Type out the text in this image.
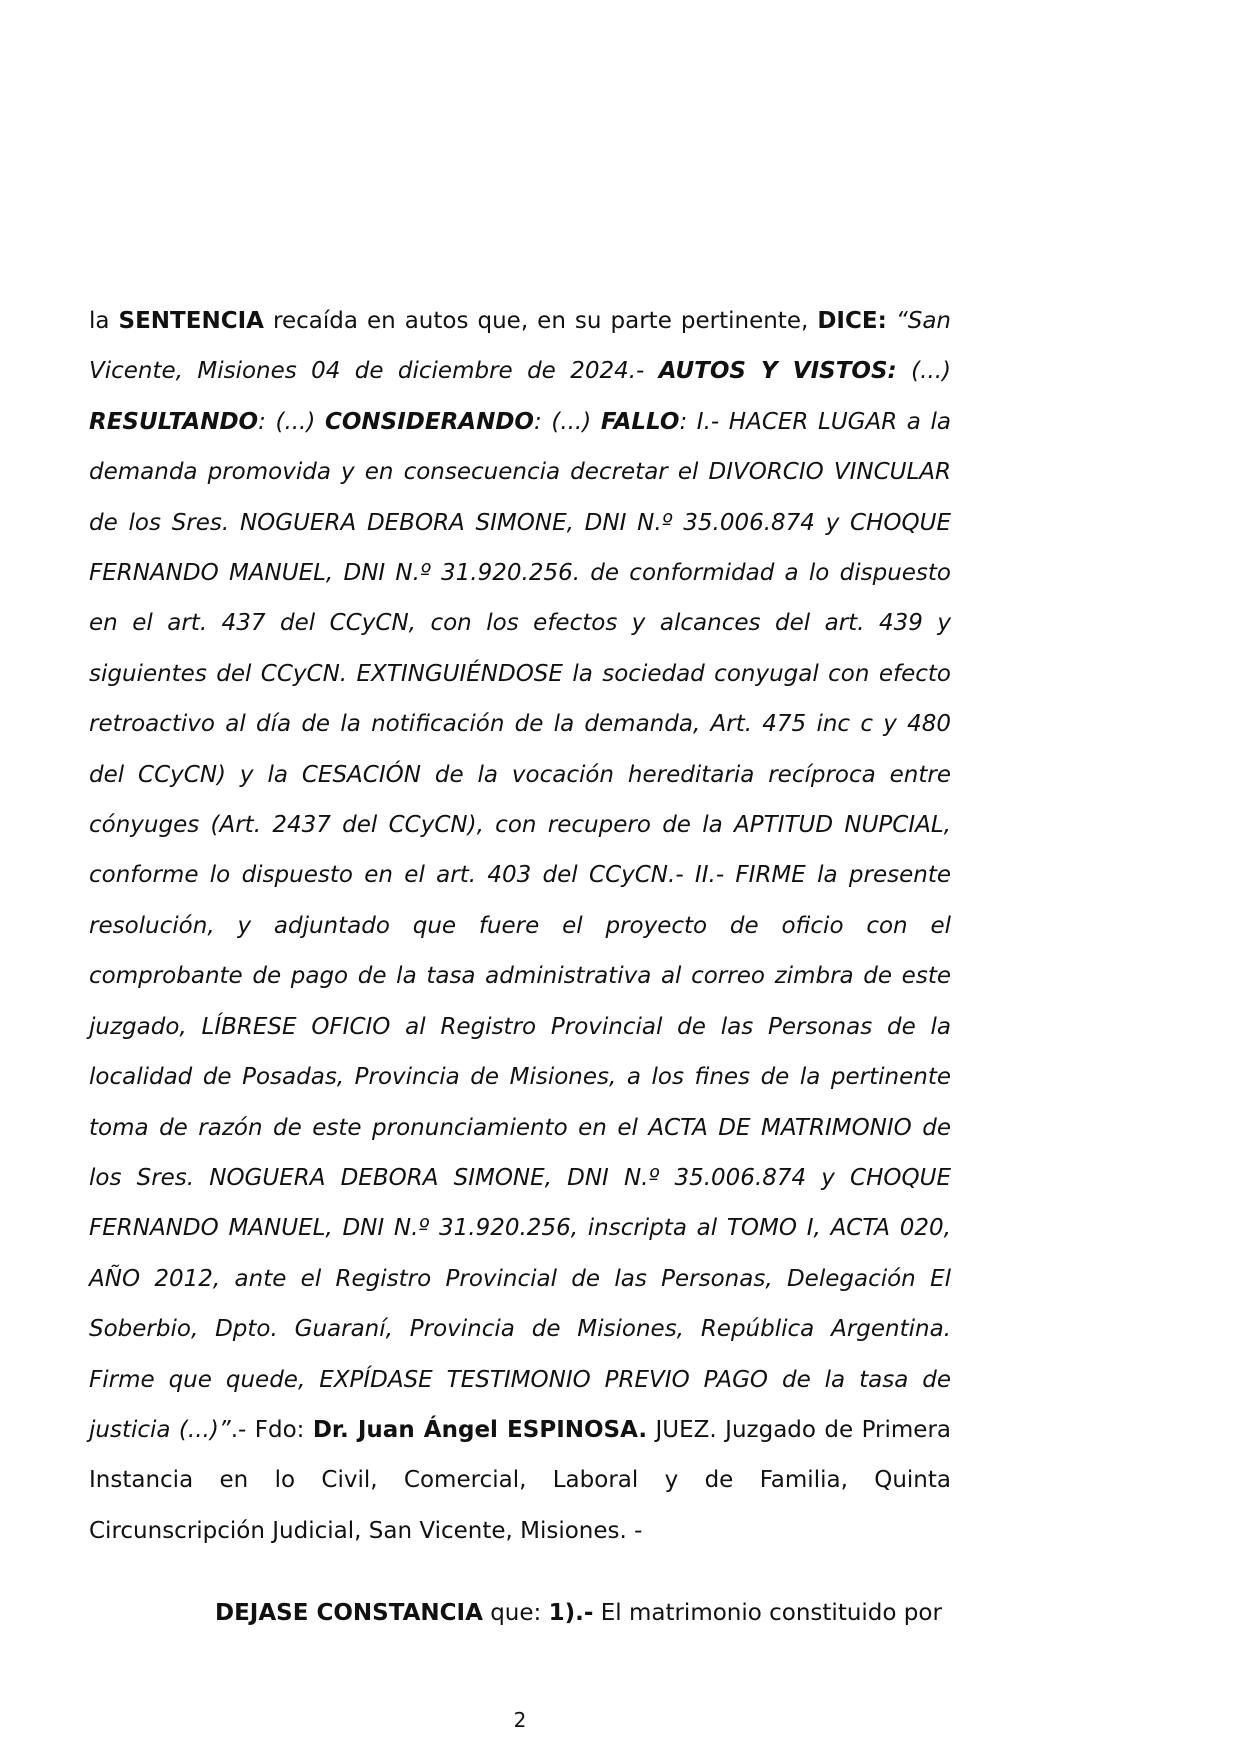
la SENTENCIA recaída en autos que, en su parte pertinente, DICE: “San Vicente, Misiones 04 de diciembre de 2024.- AUTOS Y VISTOS: (...) RESULTANDO: (...) CONSIDERANDO: (...) FALLO: I.- HACER LUGAR a la demanda promovida y en consecuencia decretar el DIVORCIO VINCULAR de los Sres. NOGUERA DEBORA SIMONE, DNI N.º 35.006.874 y CHOQUE FERNANDO MANUEL, DNI N.º 31.920.256. de conformidad a lo dispuesto en el art. 437 del CCyCN, con los efectos y alcances del art. 439 y siguientes del CCyCN. EXTINGUIÉNDOSE la sociedad conyugal con efecto retroactivo al día de la notificación de la demanda, Art. 475 inc c y 480 del CCyCN) y la CESACIÓN de la vocación hereditaria recíproca entre cónyuges (Art. 2437 del CCyCN), con recupero de la APTITUD NUPCIAL, conforme lo dispuesto en el art. 403 del CCyCN.- II.- FIRME la presente resolución, y adjuntado que fuere el proyecto de oficio con el comprobante de pago de la tasa administrativa al correo zimbra de este juzgado, LÍBRESE OFICIO al Registro Provincial de las Personas de la localidad de Posadas, Provincia de Misiones, a los fines de la pertinente toma de razón de este pronunciamiento en el ACTA DE MATRIMONIO de los Sres. NOGUERA DEBORA SIMONE, DNI N.º 35.006.874 y CHOQUE FERNANDO MANUEL, DNI N.º 31.920.256, inscripta al TOMO I, ACTA 020, AÑO 2012, ante el Registro Provincial de las Personas, Delegación El Soberbio, Dpto. Guaraní, Provincia de Misiones, República Argentina. Firme que quede, EXPÍDASE TESTIMONIO PREVIO PAGO de la tasa de justicia (...)”.- Fdo: Dr. Juan Ángel ESPINOSA. JUEZ. Juzgado de Primera Instancia en lo Civil, Comercial, Laboral y de Familia, Quinta Circunscripción Judicial, San Vicente, Misiones. -

DEJASE CONSTANCIA que: 1).- El matrimonio constituido por

2
